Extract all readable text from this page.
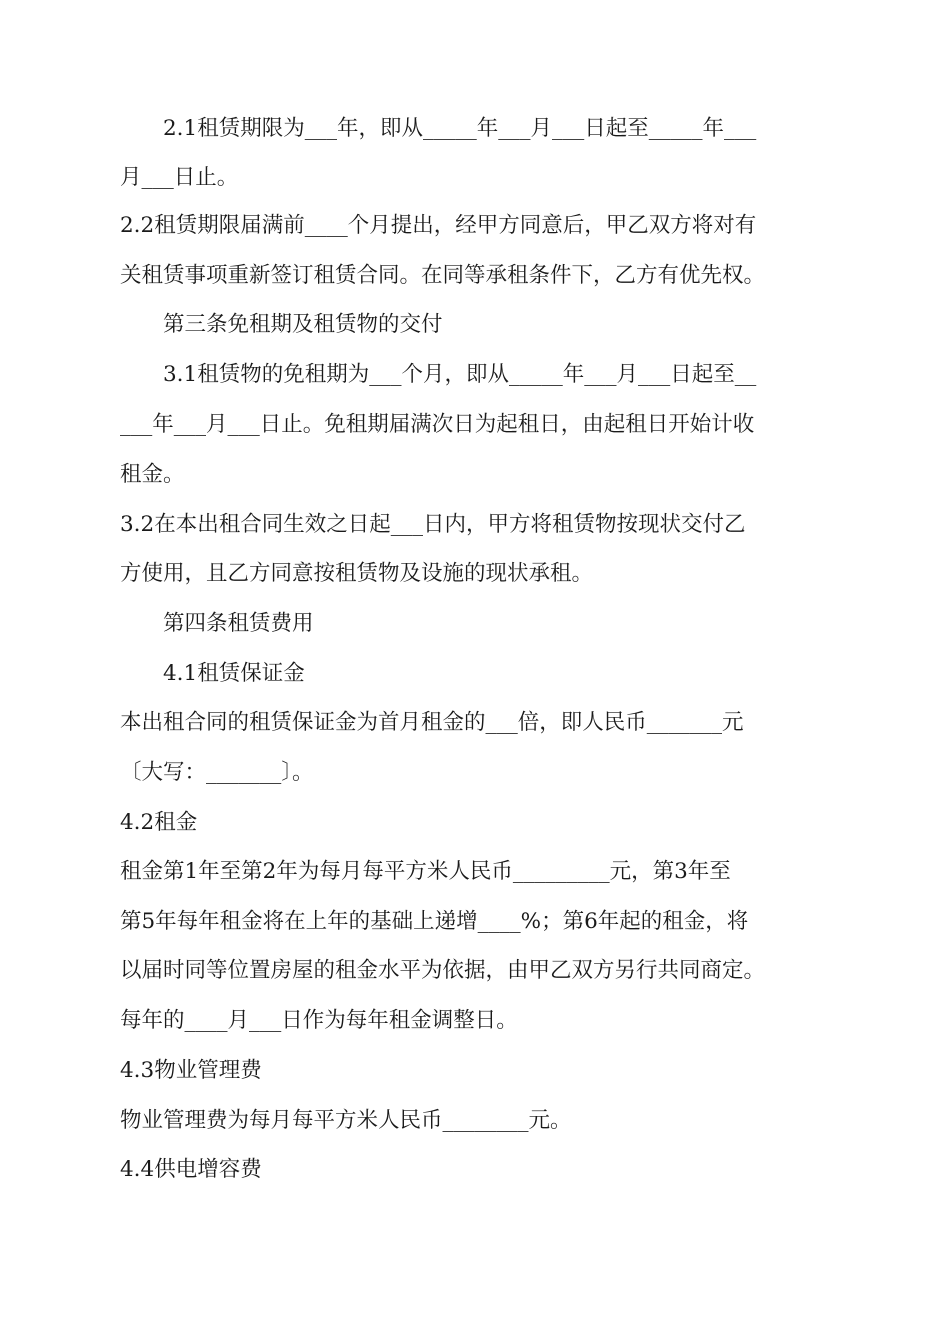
2.1租赁期限为___年，即从_____年___月___日起至_____年___

月___日止。

2.2租赁期限届满前____个月提出，经甲方同意后，甲乙双方将对有

关租赁事项重新签订租赁合同。在同等承租条件下，乙方有优先权。

第三条免租期及租赁物的交付

3.1租赁物的免租期为___个月，即从_____年___月___日起至__

___年___月___日止。免租期届满次日为起租日，由起租日开始计收

租金。

3.2在本出租合同生效之日起___日内，甲方将租赁物按现状交付乙

方使用，且乙方同意按租赁物及设施的现状承租。

第四条租赁费用

4.1租赁保证金

本出租合同的租赁保证金为首月租金的___倍，即人民币_______元

〔大写：_______〕。

4.2租金

租金第1年至第2年为每月每平方米人民币_________元，第3年至

第5年每年租金将在上年的基础上递增____%；第6年起的租金，将

以届时同等位置房屋的租金水平为依据，由甲乙双方另行共同商定。

每年的____月___日作为每年租金调整日。

4.3物业管理费

物业管理费为每月每平方米人民币________元。

4.4供电增容费
